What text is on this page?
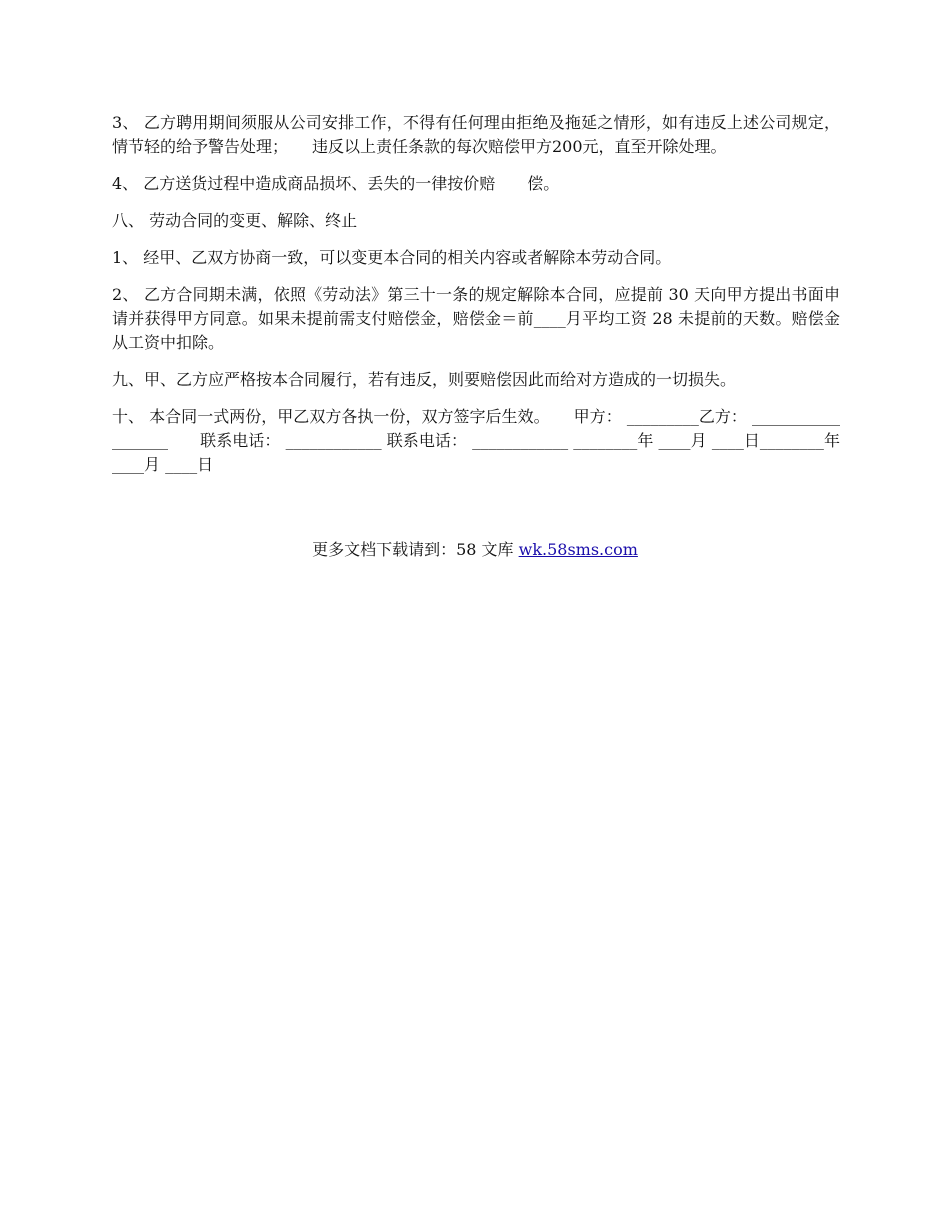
3、 乙方聘用期间须服从公司安排工作，不得有任何理由拒绝及拖延之情形，如有违反上述公司规定，情节轻的给予警告处理；　　违反以上责任条款的每次赔偿甲方200元，直至开除处理。

4、 乙方送货过程中造成商品损坏、丢失的一律按价赔　　偿。

八、 劳动合同的变更、解除、终止

1、 经甲、乙双方协商一致，可以变更本合同的相关内容或者解除本劳动合同。

2、 乙方合同期未满，依照《劳动法》第三十一条的规定解除本合同，应提前 30 天向甲方提出书面申请并获得甲方同意。如果未提前需支付赔偿金，赔偿金＝前____月平均工资 28 未提前的天数。赔偿金从工资中扣除。

九、甲、乙方应严格按本合同履行，若有违反，则要赔偿因此而给对方造成的一切损失。

十、 本合同一式两份，甲乙双方各执一份，双方签字后生效。　　甲方： _________乙方： __________________　　联系电话： ____________ 联系电话： ____________ ________年 ____月 ____日________年 ____月 ____日

更多文档下载请到：58 文库 wk.58sms.com
